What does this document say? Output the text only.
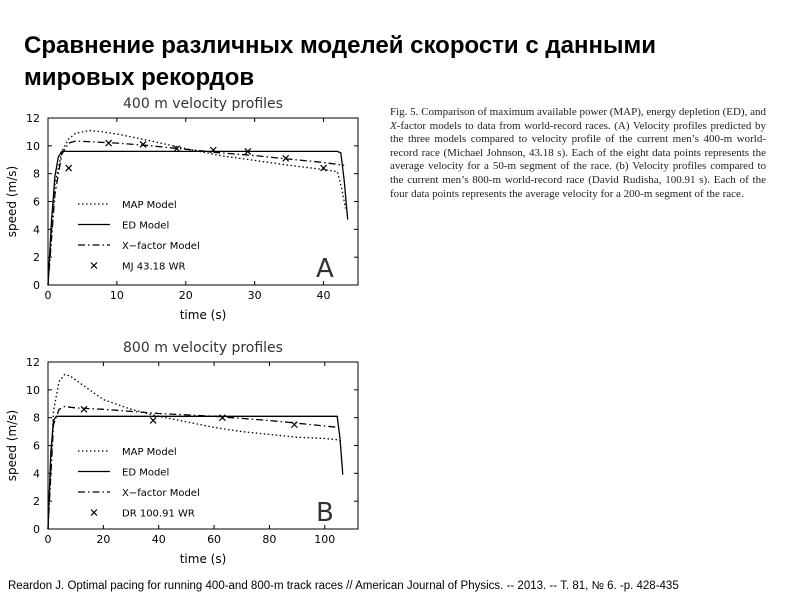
Сравнение различных моделей скорости с данными мировых рекордов
400 m velocity profiles
0	10	20	30	40
0
2
4
6
8
10
12
time (s)
speed (m/s)	MAP Model
ED Model
X−factor Model
MJ 43.18 WR	A
800 m velocity profiles
0	20	40	60	80	100
0
2
4
6
8
10
12
time (s)
speed (m/s)	MAP Model
ED Model
X−factor Model
DR 100.91 WR	B
Fig. 5. Comparison of maximum available power (MAP), energy depletion (ED), and X-factor models to data from world-record races. (A) Velocity profiles predicted by the three models compared to velocity profile of the current men’s 400-m world-record race (Michael Johnson, 43.18 s). Each of the eight data points represents the average velocity for a 50-m segment of the race. (b) Velocity profiles compared to the current men’s 800-m world-record race (David Rudisha, 100.91 s). Each of the four data points represents the average velocity for a 200-m segment of the race.
Reardon J. Optimal pacing for running 400-and 800-m track races // American Journal of Physics. -- 2013. -- Т. 81, № 6. -р. 428-435
